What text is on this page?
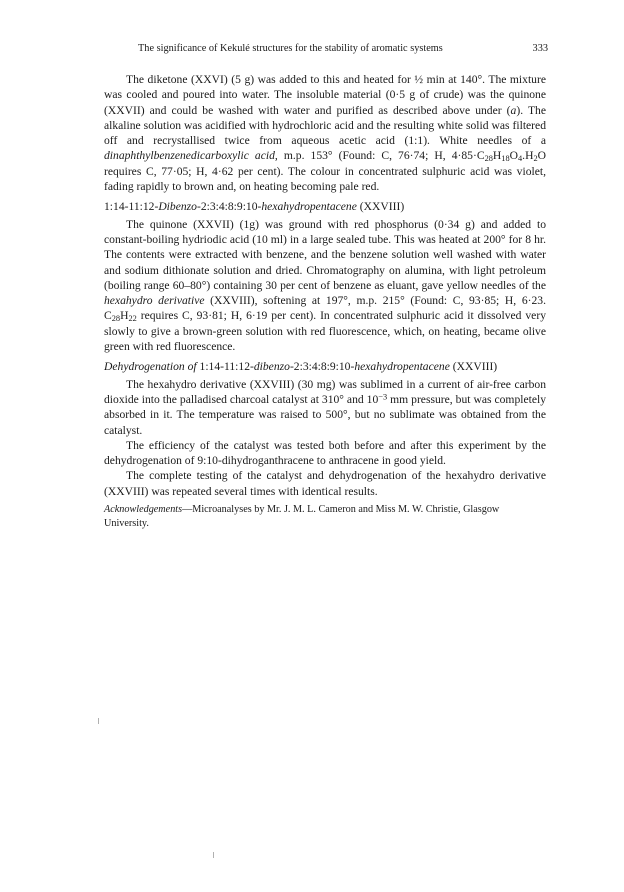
The significance of Kekulé structures for the stability of aromatic systems	333

The diketone (XXVI) (5 g) was added to this and heated for ½ min at 140°. The mixture was cooled and poured into water. The insoluble material (0·5 g of crude) was the quinone (XXVII) and could be washed with water and purified as described above under (a). The alkaline solution was acidified with hydrochloric acid and the resulting white solid was filtered off and recrystallised twice from aqueous acetic acid (1:1). White needles of a dinaphthylbenzenedicarboxylic acid, m.p. 153° (Found: C, 76·74; H, $4\cdot 85\cdot C_{28}H_{18}O_4.H_2O$ requires C, 77·05; H, 4·62 per cent). The colour in concentrated sulphuric acid was violet, fading rapidly to brown and, on heating becoming pale red.

1:14-11:12-Dibenzo-2:3:4:8:9:10-hexahydropentacene (XXVIII)

The quinone (XXVII) (1g) was ground with red phosphorus (0·34 g) and added to constant-boiling hydriodic acid (10 ml) in a large sealed tube. This was heated at 200° for 8 hr. The contents were extracted with benzene, and the benzene solution well washed with water and sodium dithionate solution and dried. Chromatography on alumina, with light petroleum (boiling range 60–80°) containing 30 per cent of benzene as eluant, gave yellow needles of the hexahydro derivative (XXVIII), softening at 197°, m.p. 215° (Found: C, 93·85; H, 6·23. $C_{28}H_{22}$ requires C, 93·81; H, 6·19 per cent). In concentrated sulphuric acid it dissolved very slowly to give a brown-green solution with red fluorescence, which, on heating, became olive green with red fluorescence.

Dehydrogenation of 1:14-11:12-dibenzo-2:3:4:8:9:10-hexahydropentacene (XXVIII)

The hexahydro derivative (XXVIII) (30 mg) was sublimed in a current of air-free carbon dioxide into the palladised charcoal catalyst at 310° and $10^{-3}$ mm pressure, but was completely absorbed in it. The temperature was raised to 500°, but no sublimate was obtained from the catalyst.

The efficiency of the catalyst was tested both before and after this experiment by the dehydrogenation of 9:10-dihydroganthracene to anthracene in good yield.

The complete testing of the catalyst and dehydrogenation of the hexahydro derivative (XXVIII) was repeated several times with identical results.

Acknowledgements—Microanalyses by Mr. J. M. L. Cameron and Miss M. W. Christie, Glasgow University.
